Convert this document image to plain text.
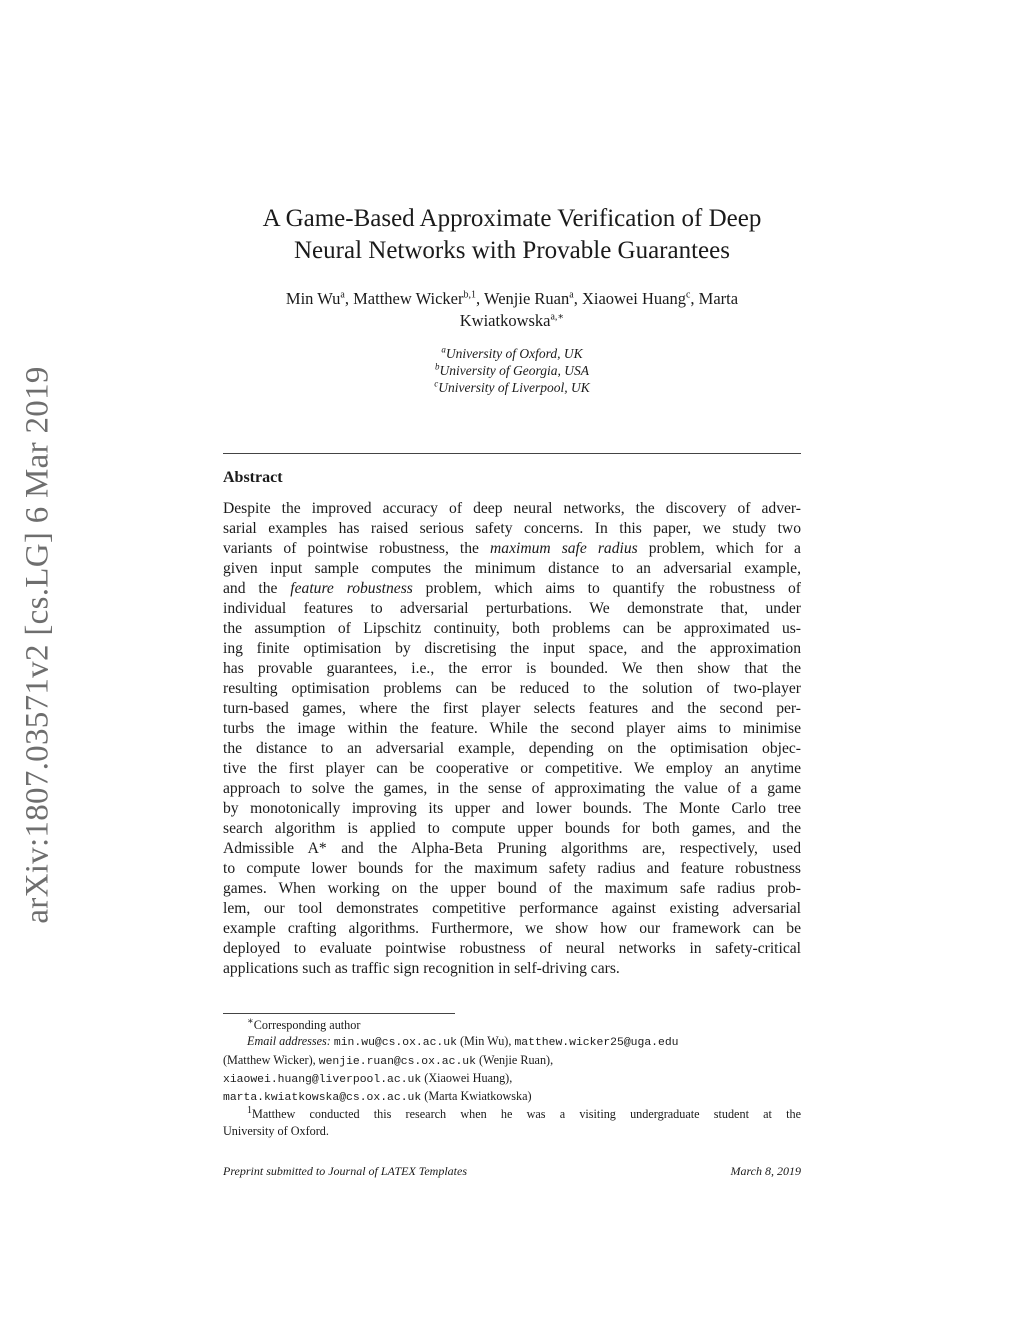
arXiv:1807.03571v2 [cs.LG] 6 Mar 2019
A Game-Based Approximate Verification of Deep
Neural Networks with Provable Guarantees
Min Wu$^a$, Matthew Wicker$^{b,1}$, Wenjie Ruan$^a$, Xiaowei Huang$^c$, Marta
Kwiatkowska$^{a,∗}$
$^a$University of Oxford, UK
$^b$University of Georgia, USA
$^c$University of Liverpool, UK
Abstract
Despite the improved accuracy of deep neural networks, the discovery of adver-
sarial examples has raised serious safety concerns. In this paper, we study two
variants of pointwise robustness, the maximum safe radius problem, which for a
given input sample computes the minimum distance to an adversarial example,
and the feature robustness problem, which aims to quantify the robustness of
individual features to adversarial perturbations. We demonstrate that, under
the assumption of Lipschitz continuity, both problems can be approximated us-
ing finite optimisation by discretising the input space, and the approximation
has provable guarantees, i.e., the error is bounded. We then show that the
resulting optimisation problems can be reduced to the solution of two-player
turn-based games, where the first player selects features and the second per-
turbs the image within the feature. While the second player aims to minimise
the distance to an adversarial example, depending on the optimisation objec-
tive the first player can be cooperative or competitive. We employ an anytime
approach to solve the games, in the sense of approximating the value of a game
by monotonically improving its upper and lower bounds. The Monte Carlo tree
search algorithm is applied to compute upper bounds for both games, and the
Admissible A* and the Alpha-Beta Pruning algorithms are, respectively, used
to compute lower bounds for the maximum safety radius and feature robustness
games. When working on the upper bound of the maximum safe radius prob-
lem, our tool demonstrates competitive performance against existing adversarial
example crafting algorithms. Furthermore, we show how our framework can be
deployed to evaluate pointwise robustness of neural networks in safety-critical
applications such as traffic sign recognition in self-driving cars.
∗Corresponding author
Email addresses: min.wu@cs.ox.ac.uk (Min Wu), matthew.wicker25@uga.edu
(Matthew Wicker), wenjie.ruan@cs.ox.ac.uk (Wenjie Ruan),
xiaowei.huang@liverpool.ac.uk (Xiaowei Huang),
marta.kwiatkowska@cs.ox.ac.uk (Marta Kwiatkowska)
$^1$Matthew conducted this research when he was a visiting undergraduate student at the
University of Oxford.
Preprint submitted to Journal of LATEX Templates	March 8, 2019
